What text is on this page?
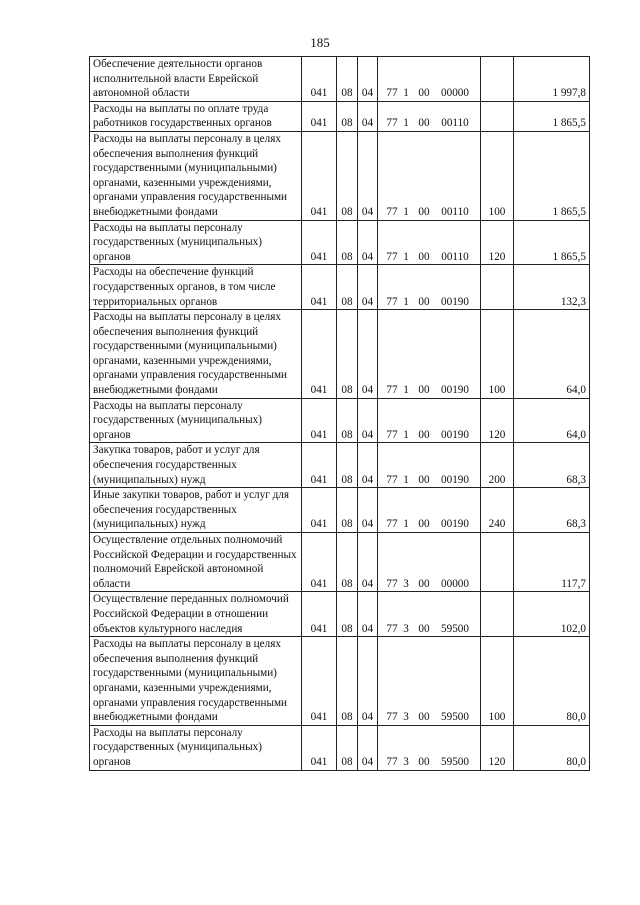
185
Обеспечение деятельности органов исполнительной власти Еврейской автономной области	041	08	04	77 1 00 00000		1 997,8
Расходы на выплаты по оплате труда работников государственных органов	041	08	04	77 1 00 00110		1 865,5
Расходы на выплаты персоналу в целях обеспечения выполнения функций государственными (муниципальными) органами, казенными учреждениями, органами управления государственными внебюджетными фондами	041	08	04	77 1 00 00110	100	1 865,5
Расходы на выплаты персоналу государственных (муниципальных) органов	041	08	04	77 1 00 00110	120	1 865,5
Расходы на обеспечение функций государственных органов, в том числе территориальных органов	041	08	04	77 1 00 00190		132,3
Расходы на выплаты персоналу в целях обеспечения выполнения функций государственными (муниципальными) органами, казенными учреждениями, органами управления государственными внебюджетными фондами	041	08	04	77 1 00 00190	100	64,0
Расходы на выплаты персоналу государственных (муниципальных) органов	041	08	04	77 1 00 00190	120	64,0
Закупка товаров, работ и услуг для обеспечения государственных (муниципальных) нужд	041	08	04	77 1 00 00190	200	68,3
Иные закупки товаров, работ и услуг для обеспечения государственных (муниципальных) нужд	041	08	04	77 1 00 00190	240	68,3
Осуществление отдельных полномочий Российской Федерации и государственных полномочий Еврейской автономной области	041	08	04	77 3 00 00000		117,7
Осуществление переданных полномочий Российской Федерации в отношении объектов культурного наследия	041	08	04	77 3 00 59500		102,0
Расходы на выплаты персоналу в целях обеспечения выполнения функций государственными (муниципальными) органами, казенными учреждениями, органами управления государственными внебюджетными фондами	041	08	04	77 3 00 59500	100	80,0
Расходы на выплаты персоналу государственных (муниципальных) органов	041	08	04	77 3 00 59500	120	80,0
